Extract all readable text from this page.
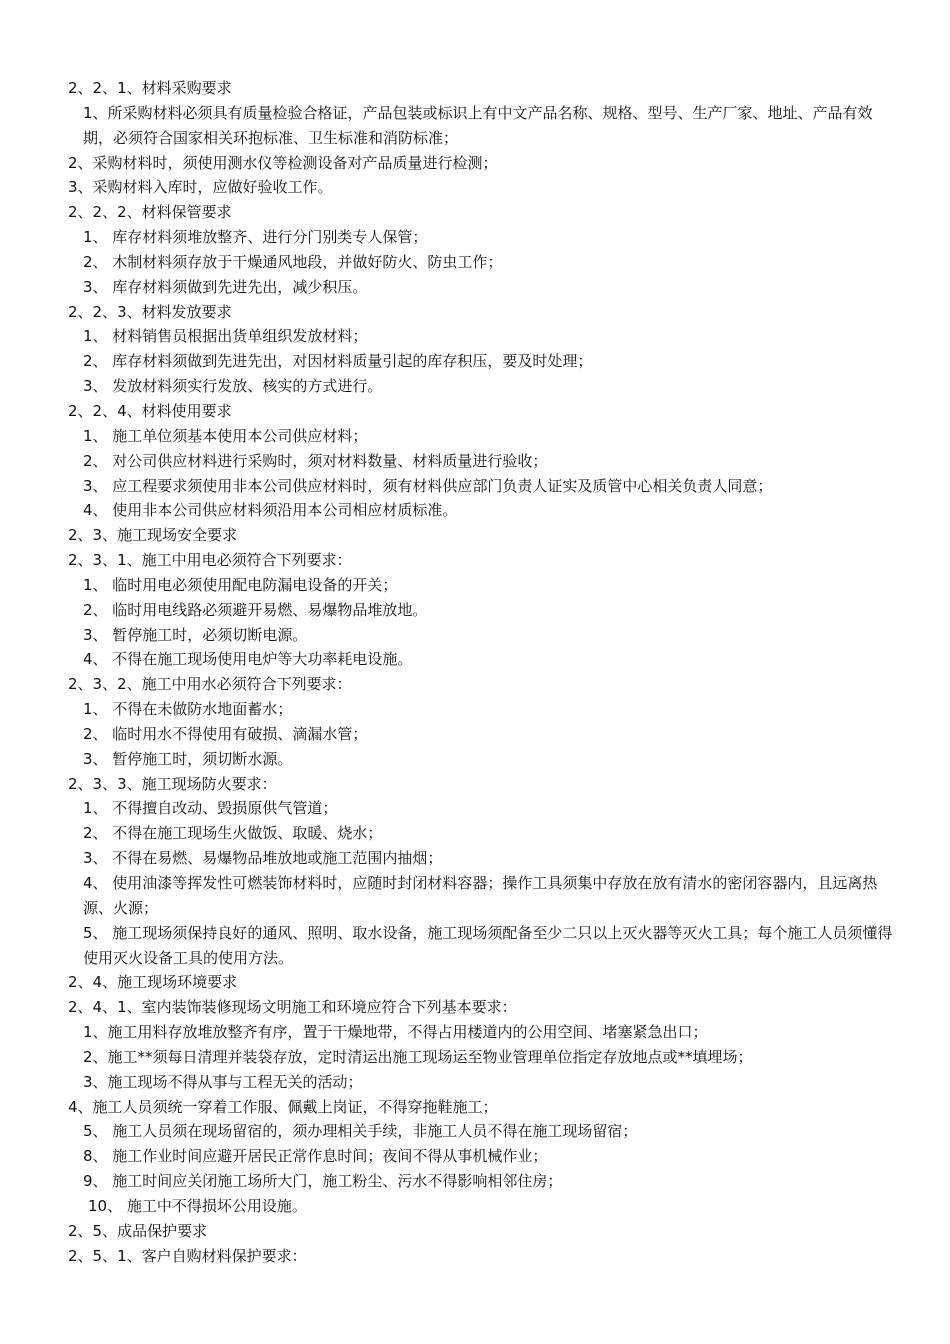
2、2、1、材料采购要求
1、所采购材料必须具有质量检验合格证，产品包装或标识上有中文产品名称、规格、型号、生产厂家、地址、产品有效期，必须符合国家相关环抱标准、卫生标准和消防标准；
2、采购材料时，须使用测水仪等检测设备对产品质量进行检测；
3、采购材料入库时，应做好验收工作。
2、2、2、材料保管要求
1、 库存材料须堆放整齐、进行分门别类专人保管；
2、 木制材料须存放于干燥通风地段，并做好防火、防虫工作；
3、 库存材料须做到先进先出，减少积压。
2、2、3、材料发放要求
1、 材料销售员根据出货单组织发放材料；
2、 库存材料须做到先进先出，对因材料质量引起的库存积压，要及时处理；
3、 发放材料须实行发放、核实的方式进行。
2、2、4、材料使用要求
1、 施工单位须基本使用本公司供应材料；
2、 对公司供应材料进行采购时，须对材料数量、材料质量进行验收；
3、 应工程要求须使用非本公司供应材料时，须有材料供应部门负责人证实及质管中心相关负责人同意；
4、 使用非本公司供应材料须沿用本公司相应材质标准。
2、3、施工现场安全要求
2、3、1、施工中用电必须符合下列要求：
1、 临时用电必须使用配电防漏电设备的开关；
2、 临时用电线路必须避开易燃、易爆物品堆放地。
3、 暂停施工时，必须切断电源。
4、 不得在施工现场使用电炉等大功率耗电设施。
2、3、2、施工中用水必须符合下列要求：
1、 不得在未做防水地面蓄水；
2、 临时用水不得使用有破损、滴漏水管；
3、 暂停施工时，须切断水源。
2、3、3、施工现场防火要求：
1、 不得擅自改动、毁损原供气管道；
2、 不得在施工现场生火做饭、取暖、烧水；
3、 不得在易燃、易爆物品堆放地或施工范围内抽烟；
4、 使用油漆等挥发性可燃装饰材料时，应随时封闭材料容器；操作工具须集中存放在放有清水的密闭容器内，且远离热源、火源；
5、 施工现场须保持良好的通风、照明、取水设备，施工现场须配备至少二只以上灭火器等灭火工具；每个施工人员须懂得使用灭火设备工具的使用方法。
2、4、施工现场环境要求
2、4、1、室内装饰装修现场文明施工和环境应符合下列基本要求：
1、施工用料存放堆放整齐有序，置于干燥地带，不得占用楼道内的公用空间、堵塞紧急出口；
2、施工**须每日清理并装袋存放，定时清运出施工现场运至物业管理单位指定存放地点或**填埋场；
3、施工现场不得从事与工程无关的活动；
4、施工人员须统一穿着工作服、佩戴上岗证，不得穿拖鞋施工；
5、 施工人员须在现场留宿的，须办理相关手续，非施工人员不得在施工现场留宿；
8、 施工作业时间应避开居民正常作息时间；夜间不得从事机械作业；
9、 施工时间应关闭施工场所大门，施工粉尘、污水不得影响相邻住房；
10、 施工中不得损坏公用设施。
2、5、成品保护要求
2、5、1、客户自购材料保护要求：
